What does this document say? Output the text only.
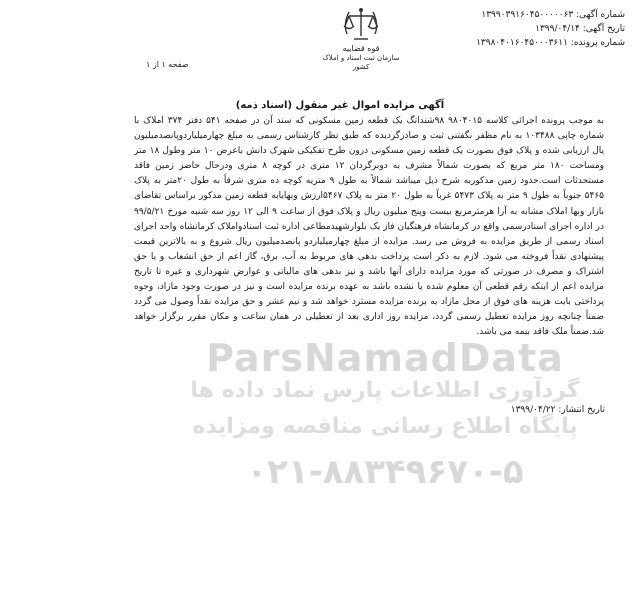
شماره آگهی: ۱۳۹۹۰۳۹۱۶۰۴۵۰۰۰۰۰۶۳
تاریخ آگهی: ۱۳۹۹/۰۴/۱۴
شماره پرونده: ۱۳۹۸۰۴۰۱۶۰۴۵۰۰۰۳۶۱۱
قوه قضاییه
سازمان ثبت اسناد و املاک کشور
صفحه ۱ از ۱
آگهی مزایده اموال غیر منقول (اسناد ذمه)
به موجب پرونده اجرائی کلاسه ۹۸۰۴۰۱۵ ۹۸شنداتگ یک قطعه زمین مسکونی که سند آن در صفحه ۵۴۱ دفتر ۳۷۴ املاک با شماره چاپی ۱۰۳۴۸۸ به نام مظفر نگفتنی ثبت و صادرگردیده که طبق نظر کارشناس رسمی به مبلغ چهارمیلیاردوپانصدمیلیون یال ارزیابی شده و پلاک فوق بصورت یک قطعه زمین مسکونی درون طرح تفکیکی شهرک دانش باعرض ۱۰ متر وطول ۱۸ متر ومساحت ۱۸۰ متر مربع که بصورت شمالاً مشرف به دوبرگردان ۱۲ متری در کوچه ۸ متری ودرحال حاضر زمین فاقد مستحدثات است.حدود زمین مذکوربه شرح ذیل میباشد شمالاً به طول ۹ متریه کوچه ده متری شرقاً به طول ۲۰متر به پلاک ۵۴۶۵ جنوباً به طول ۹ متر به پلاک ۵۴۷۳ غرباً به طول ۲۰ متر به پلاک ۵۴۶۷ارزش وبهایابه قطعه زمین مذکور براساس تقاضای بازار وبها املاک مشابه به آرا هرمترمربع بیست وپنج میلیون ریال و پلاک فوق از ساعت ۹ الی ۱۲ روز سه شنبه مورخ ۹۹/۵/۲۱ در اداره اجرای اسنادرسمی واقع در کرمانشاه فرهنگیان فاز یک بلوارشهیدمطاعی اداره ثبت اسنادواملاک کرمانشاه واحد اجرای اسناد رسمی از طریق مزایده به فروش می رسد. مزایده از مبلغ چهارمیلیاردو پانصدمیلیون ریال شروع و به بالاترین قیمت پیشنهادی نقداً فروخته می شود. لازم به ذکر است پرداخت بدهی های مربوط به آب، برق، گاز اعم از حق انشعاب و یا حق اشتراک و مصرف در صورتی که مورد مزایده دارای آنها باشد و نیز بدهی های مالیاتی و عوارض شهرداری و غیره تا تاریخ مزایده اعم از اینکه رقم قطعی آن معلوم شده یا نشده باشد به عهده برنده مزایده است و نیز در صورت وجود مازاد، وجوه پرداختی بابت هزینه های فوق از محل مازاد به برنده مزایده مسترد خواهد شد و نیم عشر و حق مزایده نقداً وصول می گردد ضمناً چنانچه روز مزایده تعطیل رسمی گردد، مزایده روز اداری بعد از تعطیلی در همان ساعت و مکان مقرر برگزار خواهد شد.ضمناً ملک فاقد بیمه می باشد.
تاریخ انتشار: ۱۳۹۹/۰۴/۲۲
ParsNamadData
گردآوری اطلاعات پارس نماد داده ها
پایگاه اطلاع رسانی مناقصه ومزایده
۰۲۱-۸۸۳۴۹۶۷۰-۵
